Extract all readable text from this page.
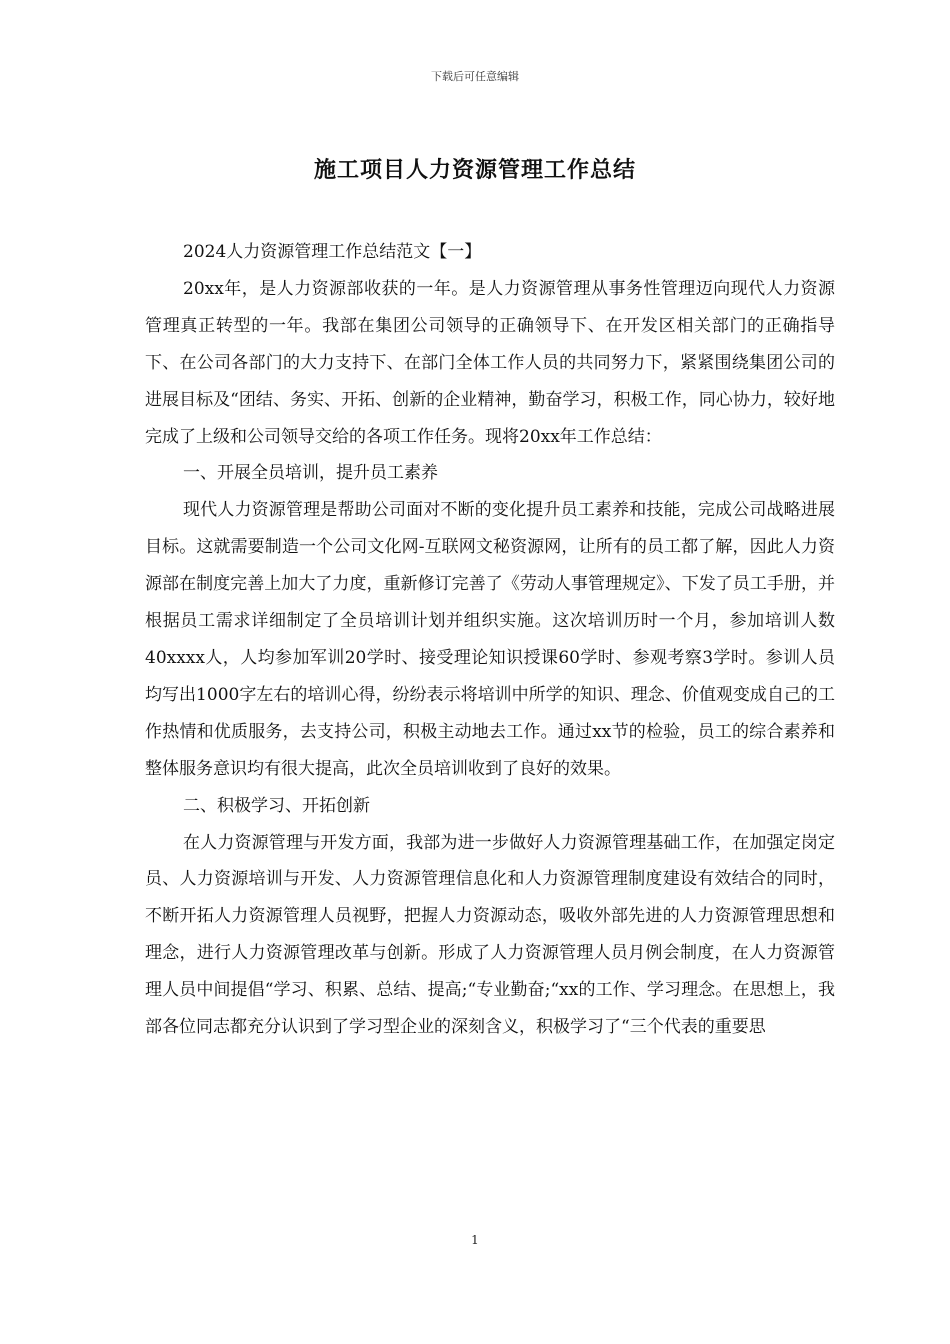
下载后可任意编辑
施工项目人力资源管理工作总结

2024人力资源管理工作总结范文【一】

20xx年，是人力资源部收获的一年。是人力资源管理从事务性管理迈向现代人力资源管理真正转型的一年。我部在集团公司领导的正确领导下、在开发区相关部门的正确指导下、在公司各部门的大力支持下、在部门全体工作人员的共同努力下，紧紧围绕集团公司的进展目标及“团结、务实、开拓、创新的企业精神，勤奋学习，积极工作，同心协力，较好地完成了上级和公司领导交给的各项工作任务。现将20xx年工作总结：

一、开展全员培训，提升员工素养

现代人力资源管理是帮助公司面对不断的变化提升员工素养和技能，完成公司战略进展目标。这就需要制造一个公司文化网-互联网文秘资源网，让所有的员工都了解，因此人力资源部在制度完善上加大了力度，重新修订完善了《劳动人事管理规定》、下发了员工手册，并根据员工需求详细制定了全员培训计划并组织实施。这次培训历时一个月，参加培训人数40xxxx人，人均参加军训20学时、接受理论知识授课60学时、参观考察3学时。参训人员均写出1000字左右的培训心得，纷纷表示将培训中所学的知识、理念、价值观变成自己的工作热情和优质服务，去支持公司，积极主动地去工作。通过xx节的检验，员工的综合素养和整体服务意识均有很大提高，此次全员培训收到了良好的效果。

二、积极学习、开拓创新

在人力资源管理与开发方面，我部为进一步做好人力资源管理基础工作，在加强定岗定员、人力资源培训与开发、人力资源管理信息化和人力资源管理制度建设有效结合的同时，不断开拓人力资源管理人员视野，把握人力资源动态，吸收外部先进的人力资源管理思想和理念，进行人力资源管理改革与创新。形成了人力资源管理人员月例会制度，在人力资源管理人员中间提倡“学习、积累、总结、提高;“专业勤奋;“xx的工作、学习理念。在思想上，我部各位同志都充分认识到了学习型企业的深刻含义，积极学习了“三个代表的重要思

1
